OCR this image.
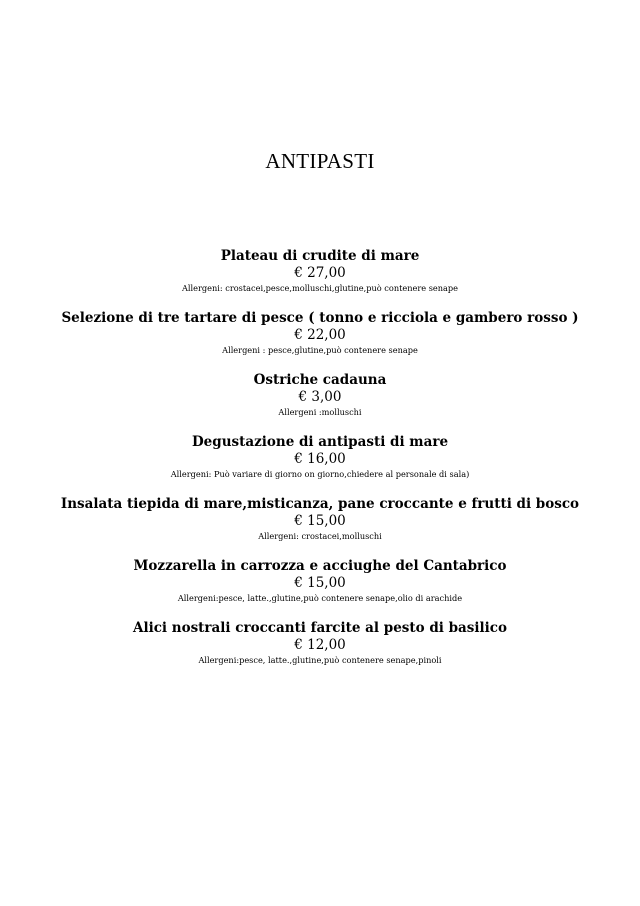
ANTIPASTI
Plateau di crudite di mare
€ 27,00
Allergeni: crostacei,pesce,molluschi,glutine,può contenere senape
Selezione di tre tartare di pesce ( tonno e ricciola e gambero rosso )
€ 22,00
Allergeni : pesce,glutine,può contenere senape
Ostriche cadauna
€ 3,00
Allergeni :molluschi
Degustazione di antipasti di mare
€ 16,00
Allergeni: Può variare di giorno on giorno,chiedere al personale di sala)
Insalata tiepida di mare,misticanza, pane croccante e frutti di bosco
€ 15,00
Allergeni: crostacei,molluschi
Mozzarella in carrozza e acciughe del Cantabrico
€ 15,00
Allergeni:pesce, latte.,glutine,può contenere senape,olio di arachide
Alici nostrali croccanti farcite al pesto di basilico
€ 12,00
Allergeni:pesce, latte.,glutine,può contenere senape,pinoli
